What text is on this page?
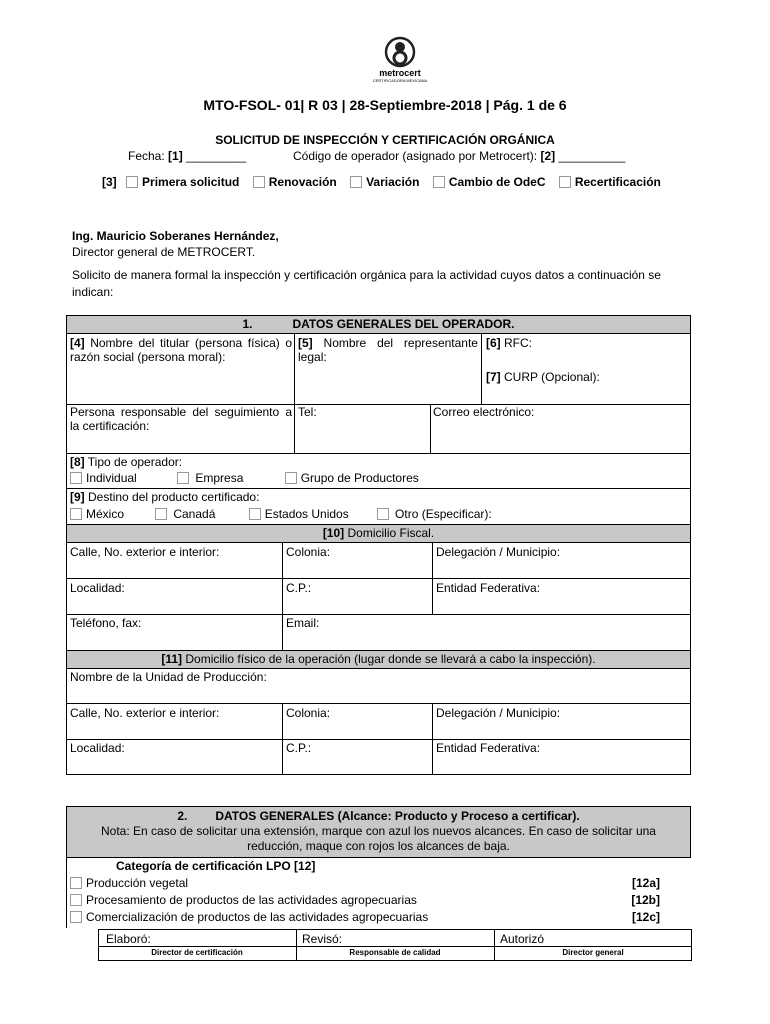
metrocert
CERTIFICADORA MEXICANA
MTO-FSOL- 01| R 03 | 28-Septiembre-2018 | Pág. 1 de 6
SOLICITUD DE INSPECCIÓN Y CERTIFICACIÓN ORGÁNICA
Fecha: [1] _________	Código de operador (asignado por Metrocert): [2] __________
[3] Primera solicitud Renovación Variación Cambio de OdeC Recertificación
Ing. Mauricio Soberanes Hernández,
Director general de METROCERT.
Solicito de manera formal la inspección y certificación orgánica para la actividad cuyos datos a continuación se indican:
1.	DATOS GENERALES DEL OPERADOR.
[4] Nombre del titular (persona física) o razón social (persona moral):
[5] Nombre del representante legal:
[6] RFC:
[7] CURP (Opcional):
Persona responsable del seguimiento a la certificación:
Tel:	Correo electrónico:
[8] Tipo de operador:
Individual	Empresa	Grupo de Productores
[9] Destino del producto certificado:
México	Canadá	Estados Unidos	Otro (Especificar):
[10] Domicilio Fiscal.
Calle, No. exterior e interior:	Colonia:	Delegación / Municipio:
Localidad:	C.P.:	Entidad Federativa:
Teléfono, fax:	Email:
[11] Domicilio físico de la operación (lugar donde se llevará a cabo la inspección).
Nombre de la Unidad de Producción:
Calle, No. exterior e interior:	Colonia:	Delegación / Municipio:
Localidad:	C.P.:	Entidad Federativa:
2. DATOS GENERALES (Alcance: Producto y Proceso a certificar).
Nota: En caso de solicitar una extensión, marque con azul los nuevos alcances. En caso de solicitar una reducción, maque con rojos los alcances de baja.
Categoría de certificación LPO [12]
Producción vegetal	[12a]
Procesamiento de productos de las actividades agropecuarias	[12b]
Comercialización de productos de las actividades agropecuarias	[12c]
Elaboró:	Revisó:	Autorizó
Director de certificación	Responsable de calidad	Director general
